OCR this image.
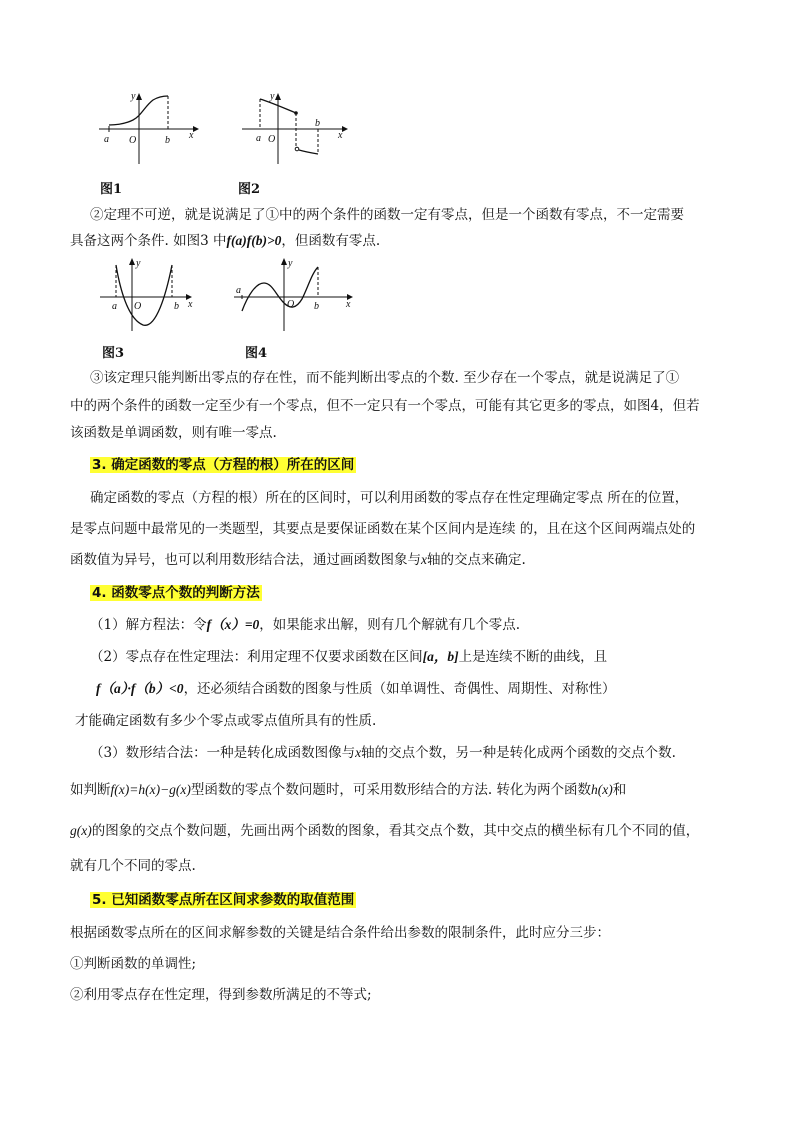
a O	b
y
x	a O
b
y
x
图1	图2
②定理不可逆，就是说满足了①中的两个条件的函数一定有零点，但是一个函数有零点，不一定需要
具备这两个条件. 如图3 中f(a)f(b)>0，但函数有零点.
a O	b
y
x
a
O b
y
x
图3	图4
③该定理只能判断出零点的存在性，而不能判断出零点的个数. 至少存在一个零点，就是说满足了①
中的两个条件的函数一定至少有一个零点，但不一定只有一个零点，可能有其它更多的零点，如图4，但若
该函数是单调函数，则有唯一零点.
3. 确定函数的零点（方程的根）所在的区间
确定函数的零点（方程的根）所在的区间时，可以利用函数的零点存在性定理确定零点 所在的位置，
是零点问题中最常见的一类题型，其要点是要保证函数在某个区间内是连续 的，且在这个区间两端点处的
函数值为异号，也可以利用数形结合法，通过画函数图象与x轴的交点来确定.
4. 函数零点个数的判断方法
（1）解方程法：令f（x）=0，如果能求出解，则有几个解就有几个零点.
（2）零点存在性定理法：利用定理不仅要求函数在区间[a，b]上是连续不断的曲线，且
f（a）·f（b）<0，还必须结合函数的图象与性质（如单调性、奇偶性、周期性、对称性）
才能确定函数有多少个零点或零点值所具有的性质.
（3）数形结合法：一种是转化成函数图像与x轴的交点个数，另一种是转化成两个函数的交点个数.
如判断f(x)=h(x)−g(x)型函数的零点个数问题时，可采用数形结合的方法. 转化为两个函数h(x)和
g(x)的图象的交点个数问题，先画出两个函数的图象，看其交点个数，其中交点的横坐标有几个不同的值，
就有几个不同的零点.
5. 已知函数零点所在区间求参数的取值范围
根据函数零点所在的区间求解参数的关键是结合条件给出参数的限制条件，此时应分三步：
①判断函数的单调性;
②利用零点存在性定理，得到参数所满足的不等式;
